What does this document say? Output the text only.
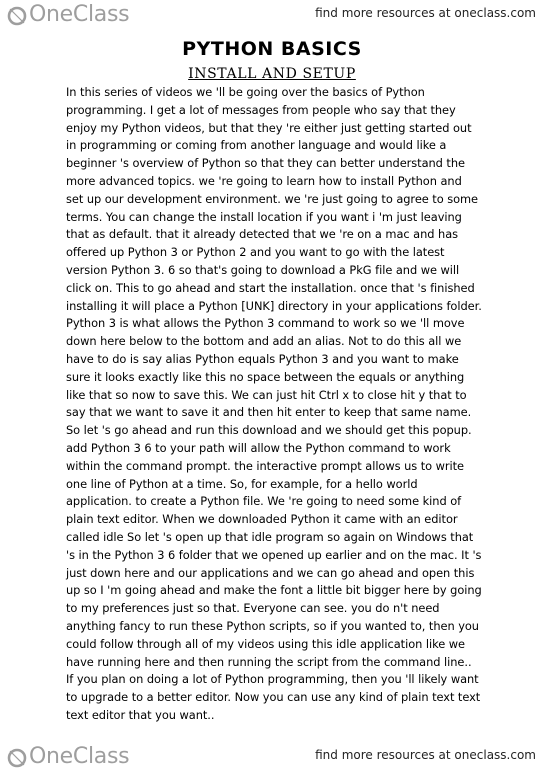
OneClass	find more resources at oneclass.com
PYTHON BASICS
INSTALL AND SETUP

In this series of videos we 'll be going over the basics of Python programming. I get a lot of messages from people who say that they enjoy my Python videos, but that they 're either just getting started out in programming or coming from another language and would like a beginner 's overview of Python so that they can better understand the more advanced topics. we 're going to learn how to install Python and set up our development environment. we 're just going to agree to some terms. You can change the install location if you want i 'm just leaving that as default. that it already detected that we 're on a mac and has offered up Python 3 or Python 2 and you want to go with the latest version Python 3. 6 so that's going to download a PkG file and we will click on. This to go ahead and start the installation. once that 's finished installing it will place a Python [UNK] directory in your applications folder. Python 3 is what allows the Python 3 command to work so we 'll move down here below to the bottom and add an alias. Not to do this all we have to do is say alias Python equals Python 3 and you want to make sure it looks exactly like this no space between the equals or anything like that so now to save this. We can just hit Ctrl x to close hit y that to say that we want to save it and then hit enter to keep that same name.

So let 's go ahead and run this download and we should get this popup. add Python 3 6 to your path will allow the Python command to work within the command prompt. the interactive prompt allows us to write one line of Python at a time. So, for example, for a hello world application. to create a Python file. We 're going to need some kind of plain text editor. When we downloaded Python it came with an editor called idle So let 's open up that idle program so again on Windows that 's in the Python 3 6 folder that we opened up earlier and on the mac. It 's just down here and our applications and we can go ahead and open this up so I 'm going ahead and make the font a little bit bigger here by going to my preferences just so that. Everyone can see. you do n't need anything fancy to run these Python scripts, so if you wanted to, then you could follow through all of my videos using this idle application like we have running here and then running the script from the command line.. If you plan on doing a lot of Python programming, then you 'll likely want to upgrade to a better editor. Now you can use any kind of plain text text text editor that you want..

OneClass	find more resources at oneclass.com
